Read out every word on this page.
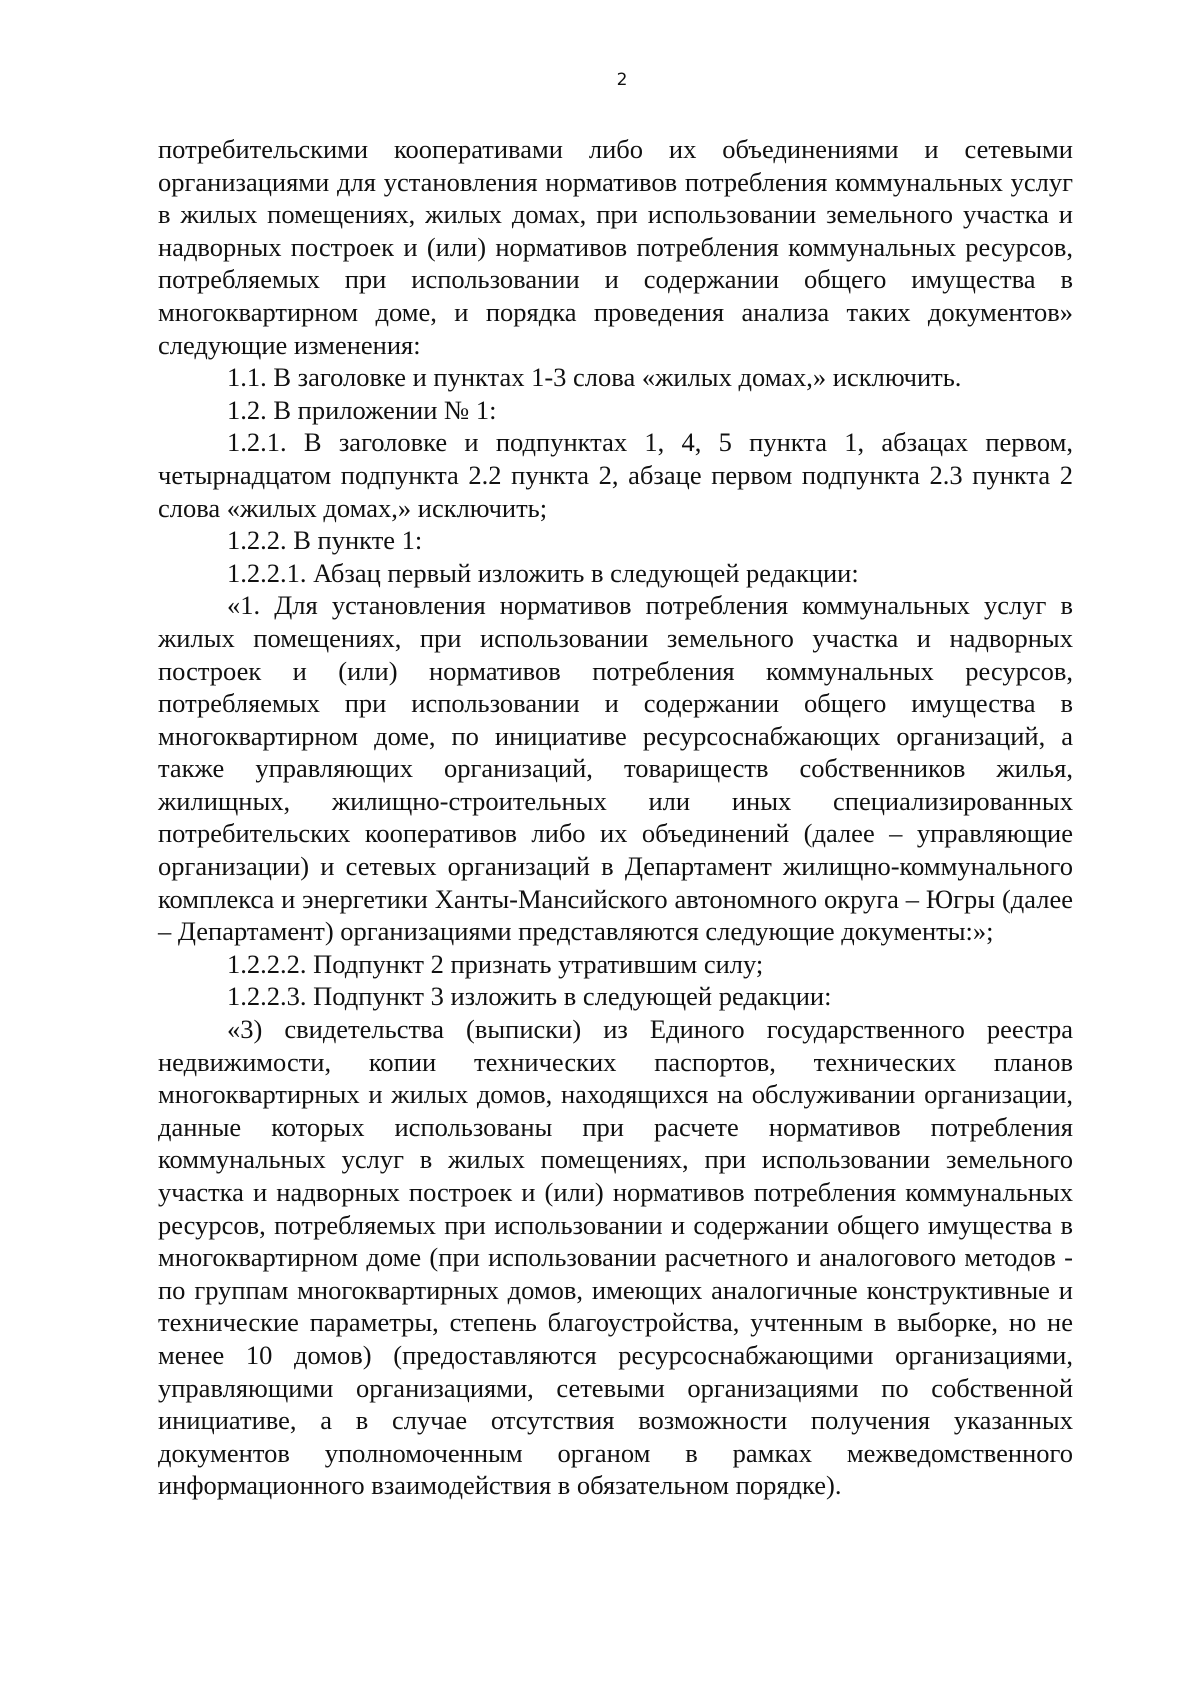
2

потребительскими кооперативами либо их объединениями и сетевыми организациями для установления нормативов потребления коммунальных услуг в жилых помещениях, жилых домах, при использовании земельного участка и надворных построек и (или) нормативов потребления коммунальных ресурсов, потребляемых при использовании и содержании общего имущества в многоквартирном доме, и порядка проведения анализа таких документов» следующие изменения:

1.1. В заголовке и пунктах 1-3 слова «жилых домах,» исключить.

1.2. В приложении № 1:

1.2.1. В заголовке и подпунктах 1, 4, 5 пункта 1, абзацах первом, четырнадцатом подпункта 2.2 пункта 2, абзаце первом подпункта 2.3 пункта 2 слова «жилых домах,» исключить;

1.2.2. В пункте 1:

1.2.2.1. Абзац первый изложить в следующей редакции:

«1. Для установления нормативов потребления коммунальных услуг в жилых помещениях, при использовании земельного участка и надворных построек и (или) нормативов потребления коммунальных ресурсов, потребляемых при использовании и содержании общего имущества в многоквартирном доме, по инициативе ресурсоснабжающих организаций, а также управляющих организаций, товариществ собственников жилья, жилищных, жилищно-строительных или иных специализированных потребительских кооперативов либо их объединений (далее – управляющие организации) и сетевых организаций в Департамент жилищно-коммунального комплекса и энергетики Ханты-Мансийского автономного округа – Югры (далее – Департамент) организациями представляются следующие документы:»;

1.2.2.2. Подпункт 2 признать утратившим силу;

1.2.2.3. Подпункт 3 изложить в следующей редакции:

«3) свидетельства (выписки) из Единого государственного реестра недвижимости, копии технических паспортов, технических планов многоквартирных и жилых домов, находящихся на обслуживании организации, данные которых использованы при расчете нормативов потребления коммунальных услуг в жилых помещениях, при использовании земельного участка и надворных построек и (или) нормативов потребления коммунальных ресурсов, потребляемых при использовании и содержании общего имущества в многоквартирном доме (при использовании расчетного и аналогового методов - по группам многоквартирных домов, имеющих аналогичные конструктивные и технические параметры, степень благоустройства, учтенным в выборке, но не менее 10 домов) (предоставляются ресурсоснабжающими организациями, управляющими организациями, сетевыми организациями по собственной инициативе, а в случае отсутствия возможности получения указанных документов уполномоченным органом в рамках межведомственного информационного взаимодействия в обязательном порядке).
